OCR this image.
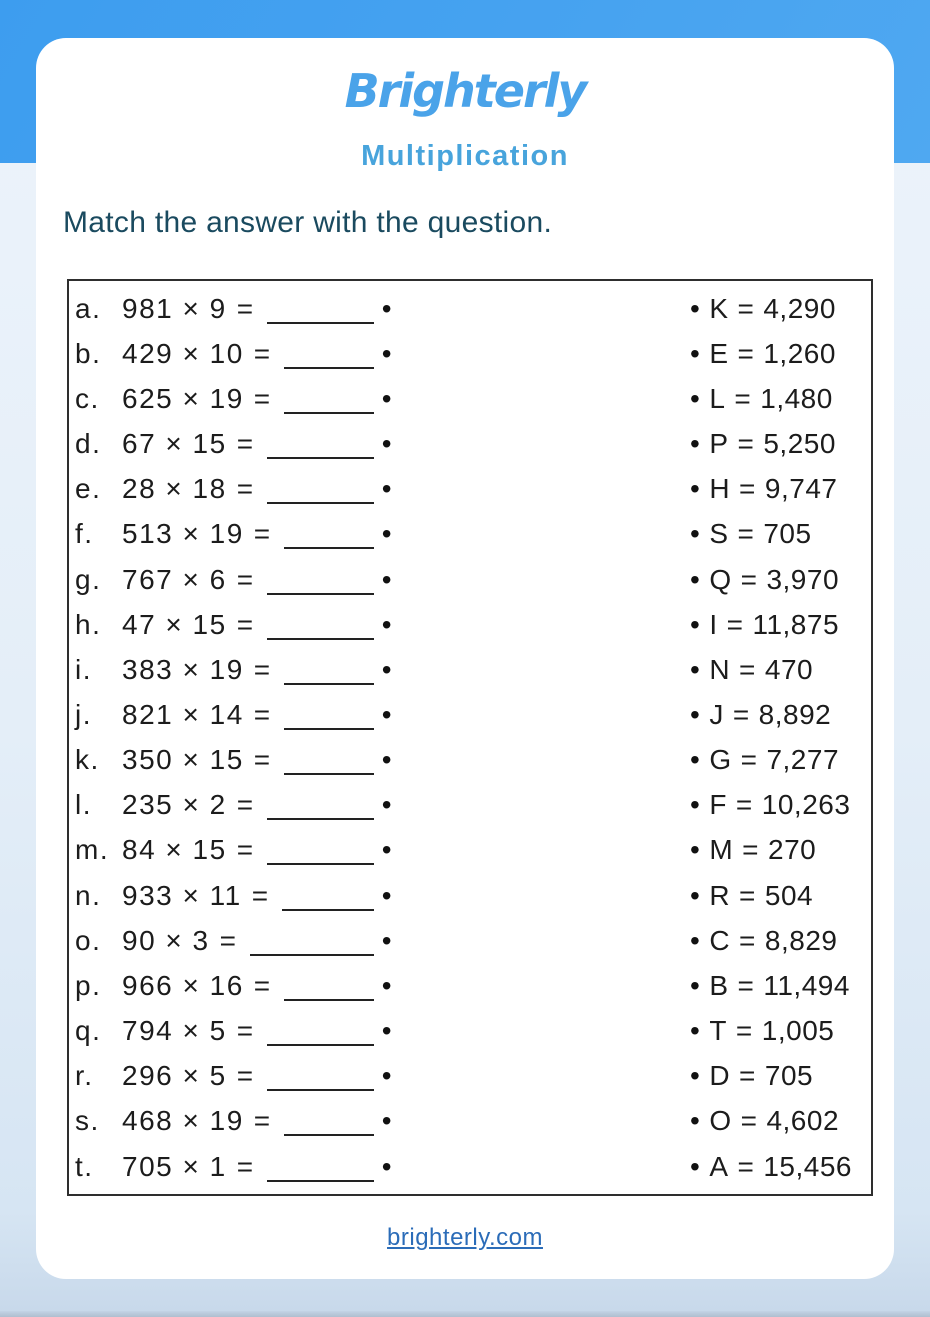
Brighterly
Multiplication
Match the answer with the question.
a. 981 × 9 =	•	• K = 4,290
b. 429 × 10 =	•	• E = 1,260
c. 625 × 19 =	•	• L = 1,480
d. 67 × 15 =	•	• P = 5,250
e. 28 × 18 =	•	• H = 9,747
f.	513 × 19 =	•	• S = 705
g. 767 × 6 =	•	• Q = 3,970
h. 47 × 15 =	•	• I = 11,875
i.	383 × 19 =	•	• N = 470
j.	821 × 14 =	•	• J = 8,892
k. 350 × 15 =	•	• G = 7,277
l.	235 × 2 =	•	• F = 10,263
m. 84 × 15 =	•	• M = 270
n. 933 × 11 =	•	• R = 504
o. 90 × 3 =	•	• C = 8,829
p. 966 × 16 =	•	• B = 11,494
q. 794 × 5 =	•	• T = 1,005
r.	296 × 5 =	•	• D = 705
s. 468 × 19 =	•	• O = 4,602
t.	705 × 1 =	•	• A = 15,456
brighterly.com
